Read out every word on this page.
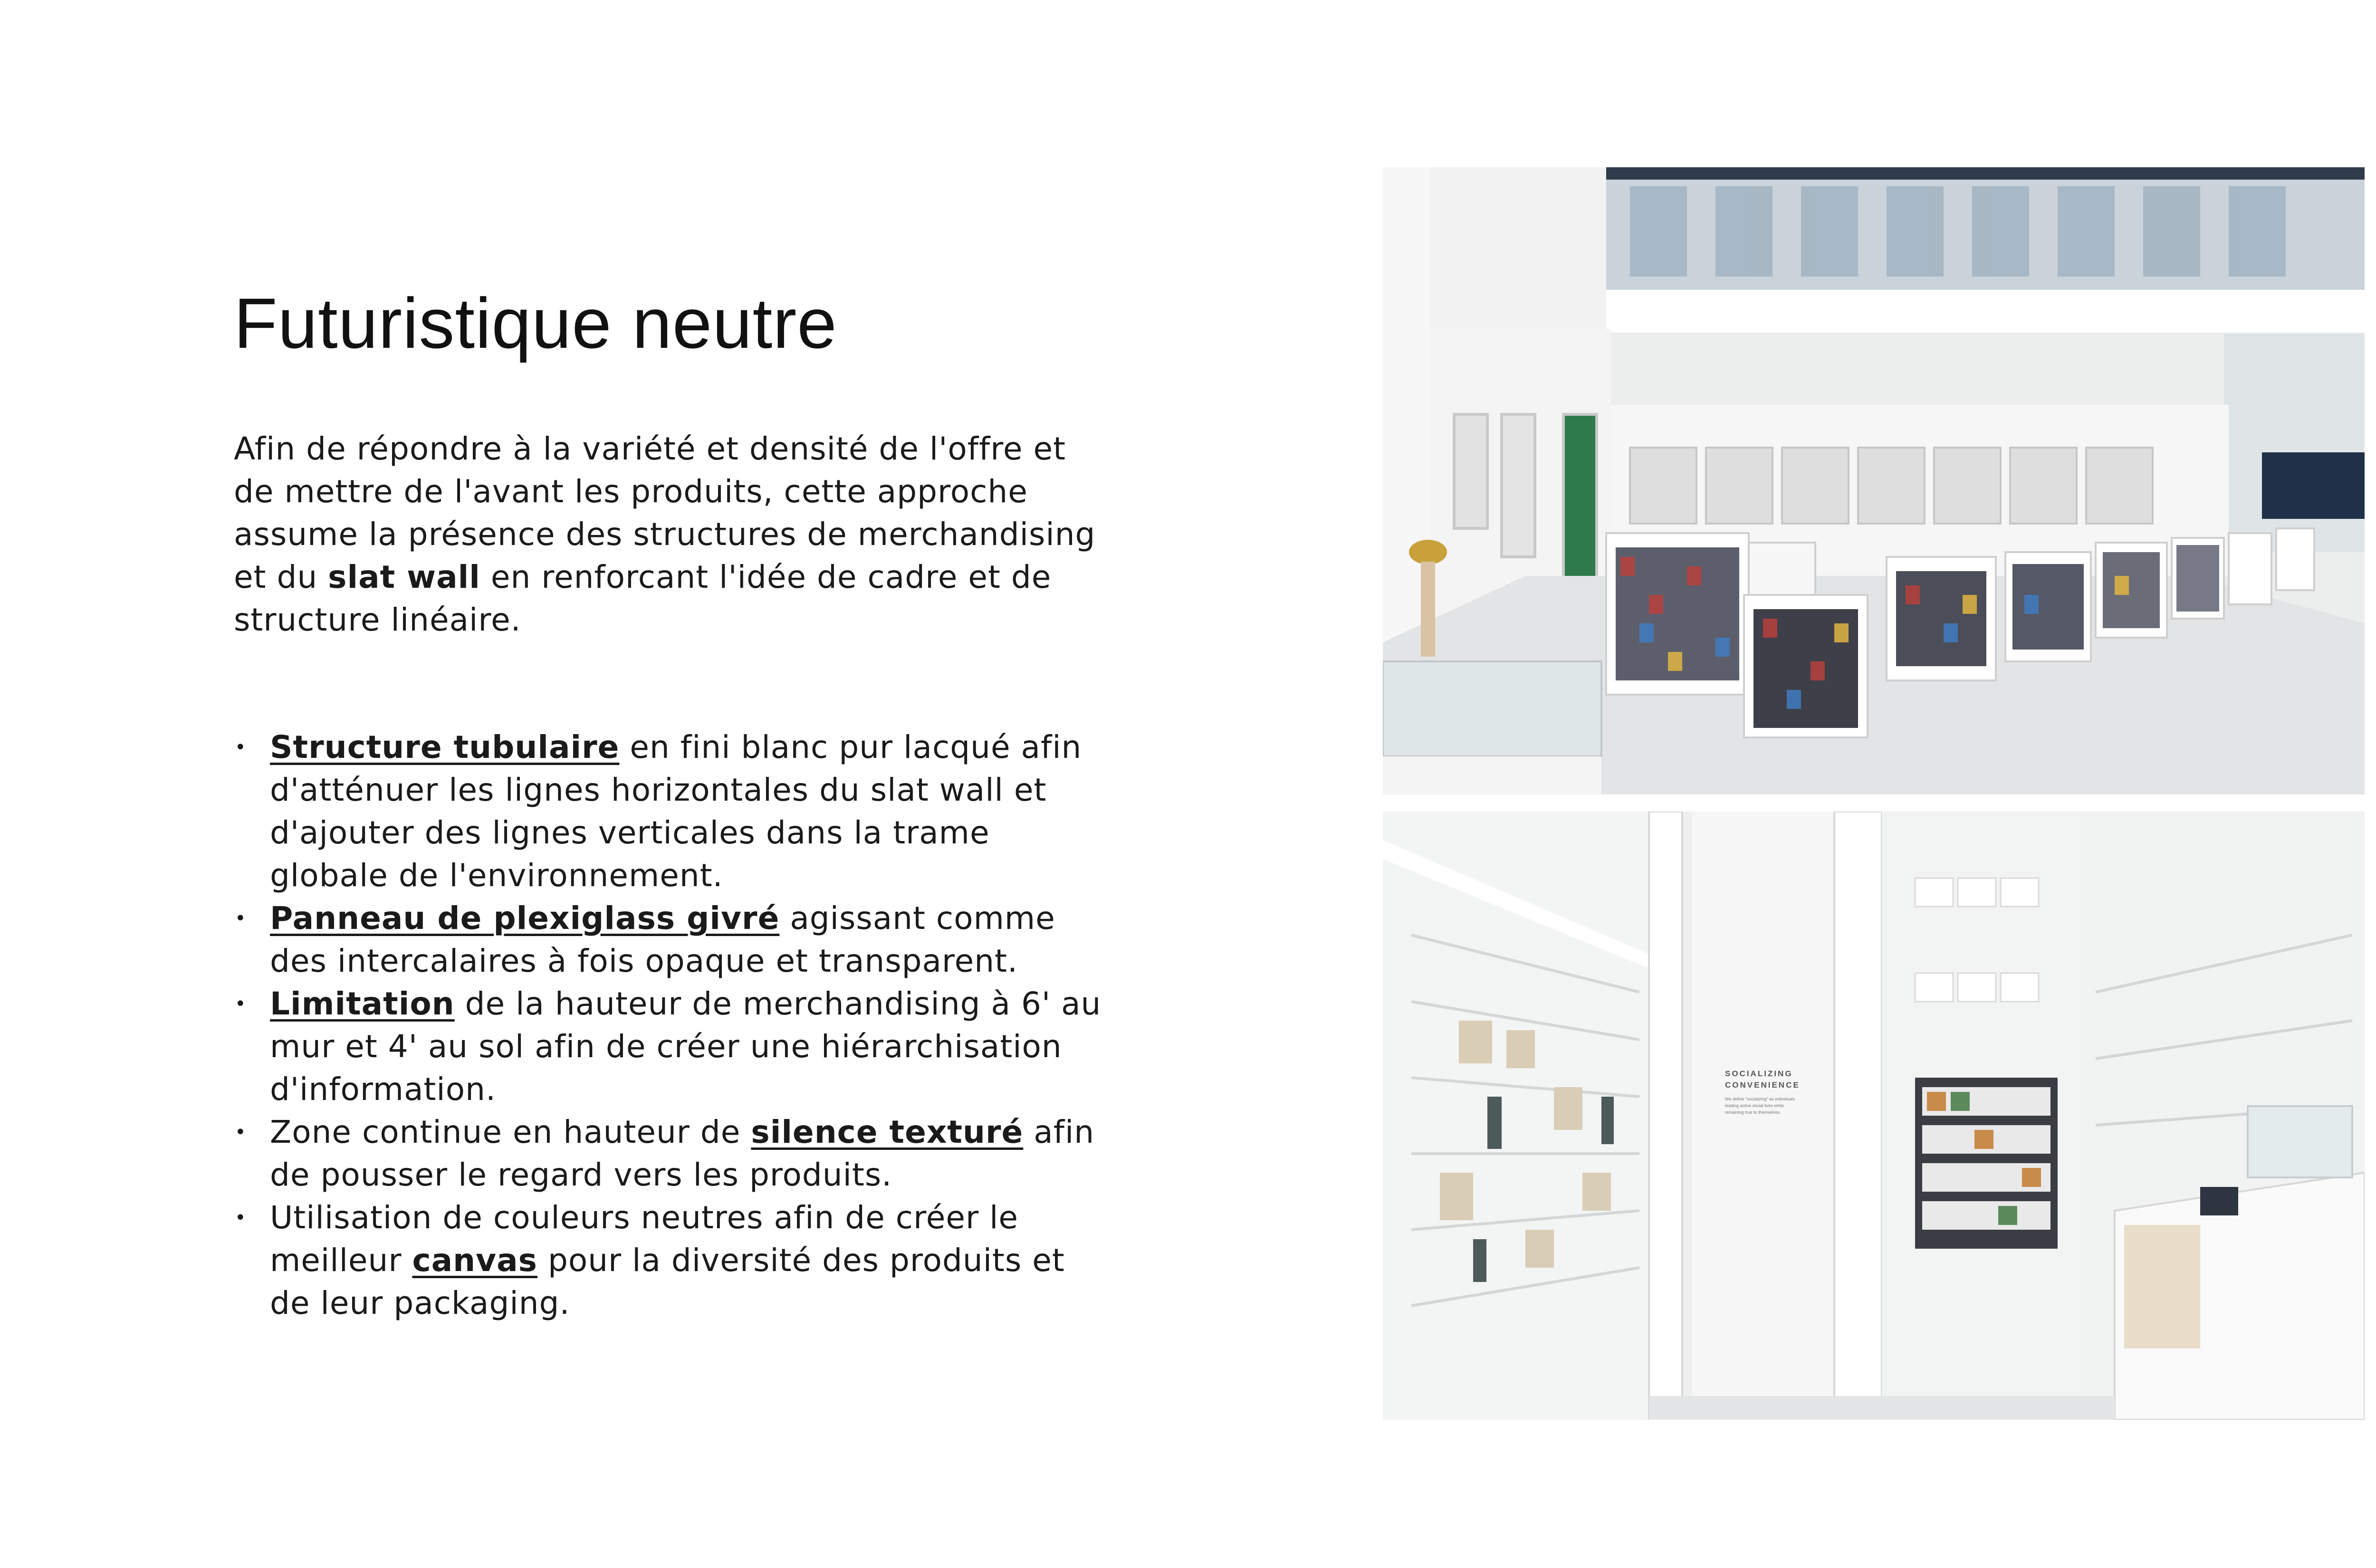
Futuristique neutre

Afin de répondre à la variété et densité de l'offre et de mettre de l'avant les produits, cette approche assume la présence des structures de merchandising et du slat wall en renforcant l'idée de cadre et de structure linéaire.

• Structure tubulaire en fini blanc pur lacqué afin d'atténuer les lignes horizontales du slat wall et d'ajouter des lignes verticales dans la trame globale de l'environnement.
• Panneau de plexiglass givré agissant comme des intercalaires à fois opaque et transparent.
• Limitation de la hauteur de merchandising à 6' au mur et 4' au sol afin de créer une hiérarchisation d'information.
• Zone continue en hauteur de silence texturé afin de pousser le regard vers les produits.
• Utilisation de couleurs neutres afin de créer le meilleur canvas pour la diversité des produits et de leur packaging.
SOCIALIZING
CONVENIENCE
We define "socializing" as individuals leading active social lives while remaining true to themselves.
